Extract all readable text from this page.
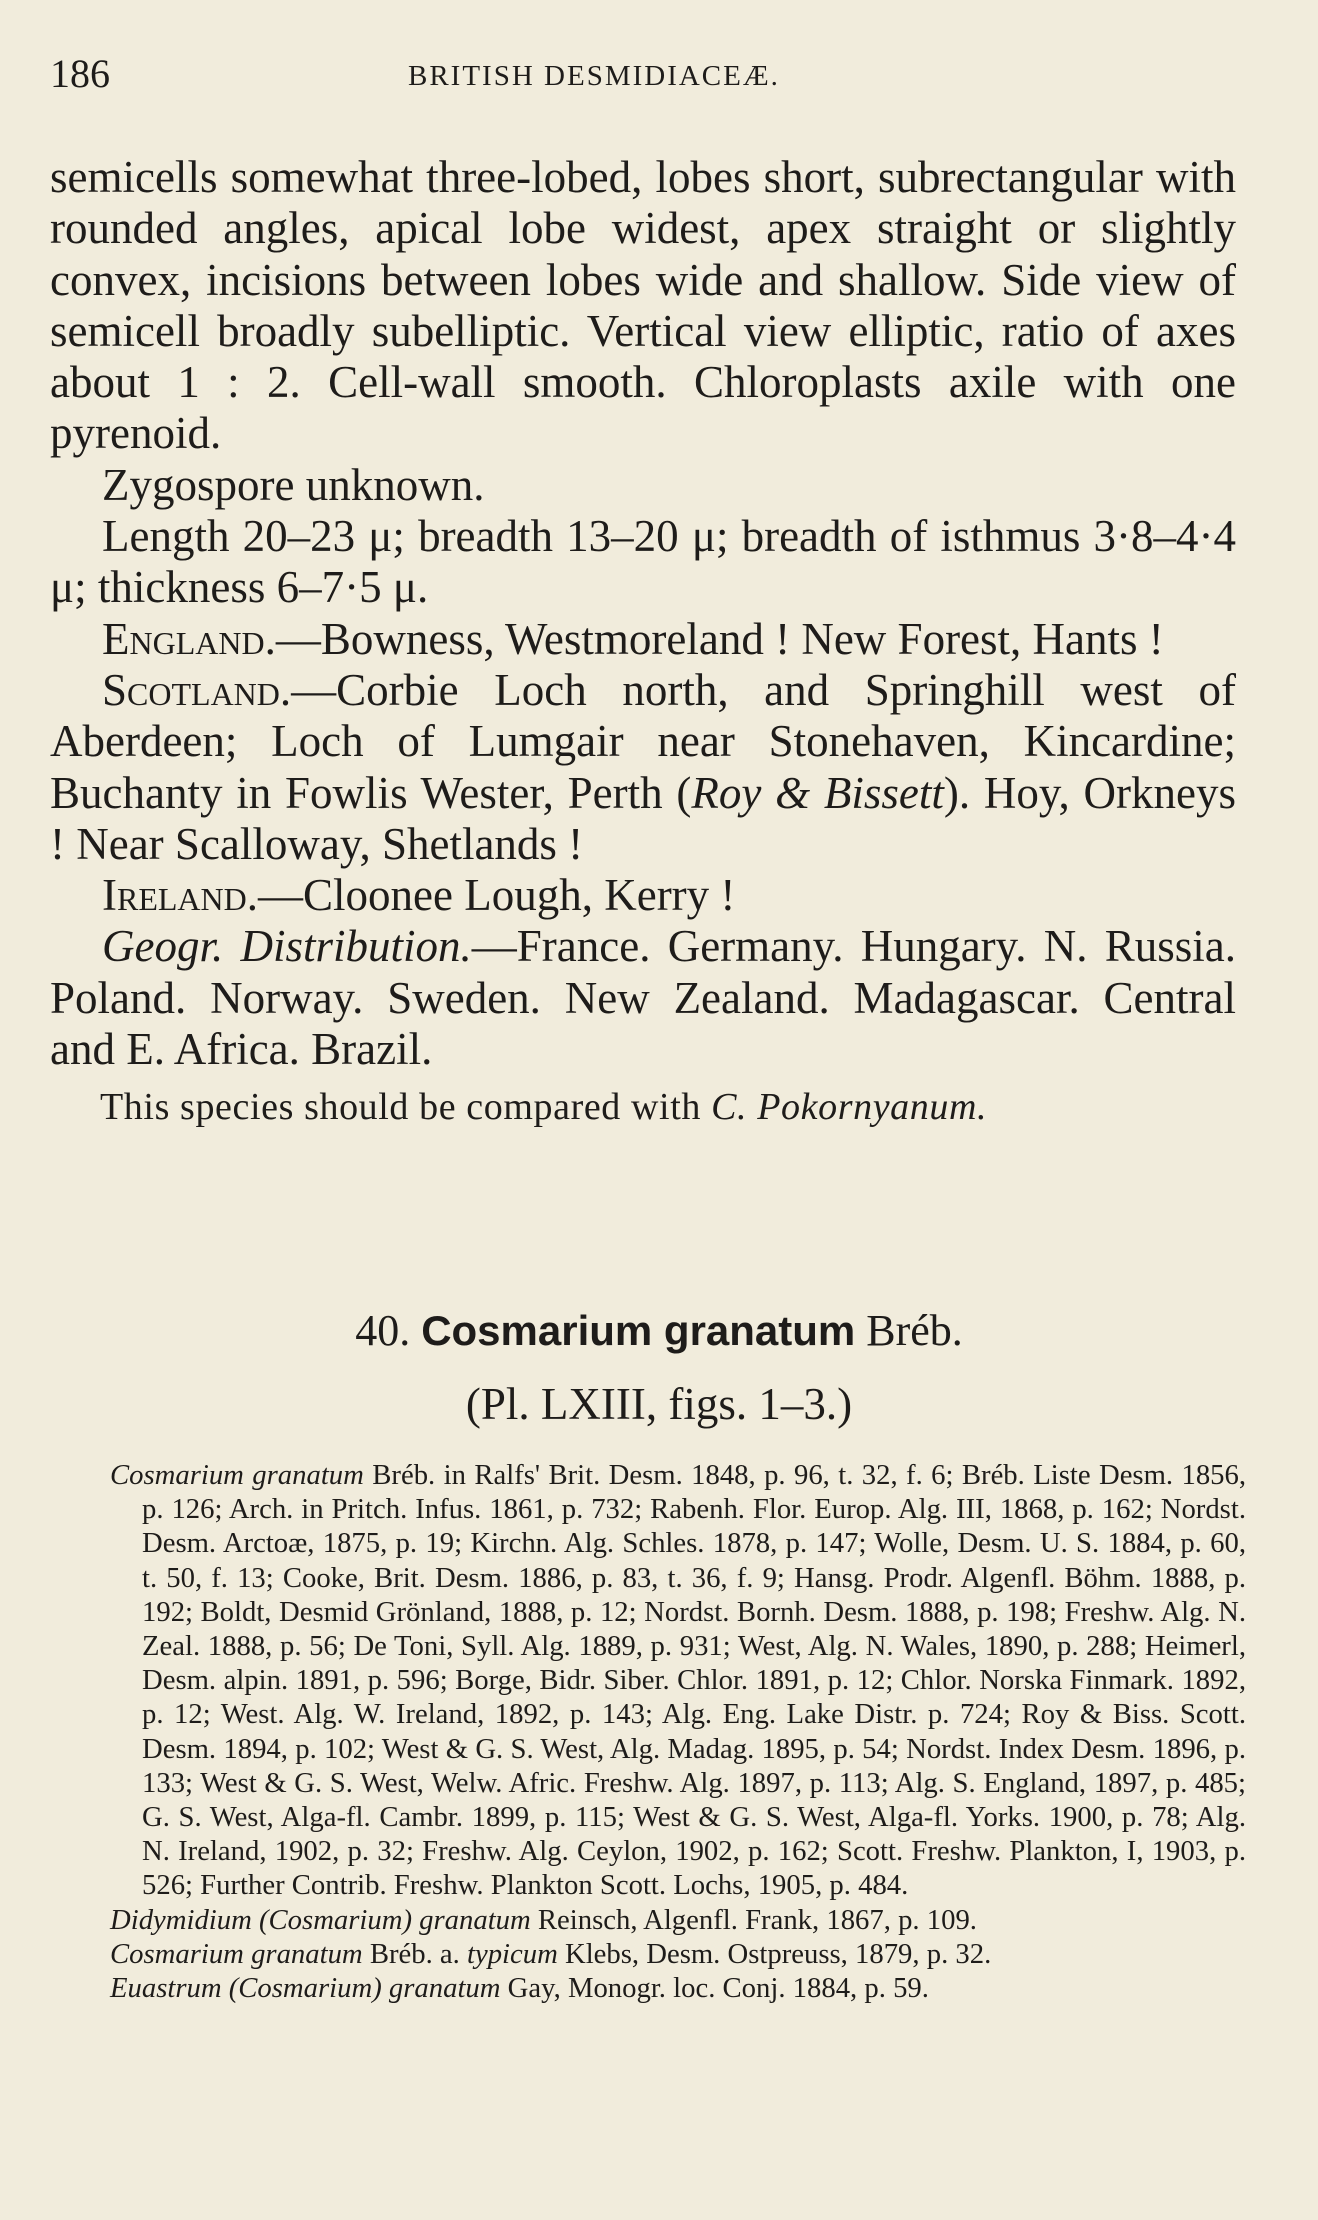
186	BRITISH DESMIDIACEÆ.

semicells somewhat three-lobed, lobes short, subrectangular with rounded angles, apical lobe widest, apex straight or slightly convex, incisions between lobes wide and shallow. Side view of semicell broadly subelliptic. Vertical view elliptic, ratio of axes about 1 : 2. Cell-wall smooth. Chloroplasts axile with one pyrenoid.

Zygospore unknown.

Length 20–23 μ; breadth 13–20 μ; breadth of isthmus 3·8–4·4 μ; thickness 6–7·5 μ.

England.—Bowness, Westmoreland ! New Forest, Hants !

Scotland.—Corbie Loch north, and Springhill west of Aberdeen; Loch of Lumgair near Stonehaven, Kincardine; Buchanty in Fowlis Wester, Perth (Roy & Bissett). Hoy, Orkneys ! Near Scalloway, Shetlands !

Ireland.—Cloonee Lough, Kerry !

Geogr. Distribution.—France. Germany. Hungary. N. Russia. Poland. Norway. Sweden. New Zealand. Madagascar. Central and E. Africa. Brazil.

This species should be compared with C. Pokornyanum.

40. Cosmarium granatum Bréb.
(Pl. LXIII, figs. 1–3.)

Cosmarium granatum Bréb. in Ralfs' Brit. Desm. 1848, p. 96, t. 32, f. 6; Bréb. Liste Desm. 1856, p. 126; Arch. in Pritch. Infus. 1861, p. 732; Rabenh. Flor. Europ. Alg. III, 1868, p. 162; Nordst. Desm. Arctoæ, 1875, p. 19; Kirchn. Alg. Schles. 1878, p. 147; Wolle, Desm. U. S. 1884, p. 60, t. 50, f. 13; Cooke, Brit. Desm. 1886, p. 83, t. 36, f. 9; Hansg. Prodr. Algenfl. Böhm. 1888, p. 192; Boldt, Desmid Grönland, 1888, p. 12; Nordst. Bornh. Desm. 1888, p. 198; Freshw. Alg. N. Zeal. 1888, p. 56; De Toni, Syll. Alg. 1889, p. 931; West, Alg. N. Wales, 1890, p. 288; Heimerl, Desm. alpin. 1891, p. 596; Borge, Bidr. Siber. Chlor. 1891, p. 12; Chlor. Norska Finmark. 1892, p. 12; West. Alg. W. Ireland, 1892, p. 143; Alg. Eng. Lake Distr. p. 724; Roy & Biss. Scott. Desm. 1894, p. 102; West & G. S. West, Alg. Madag. 1895, p. 54; Nordst. Index Desm. 1896, p. 133; West & G. S. West, Welw. Afric. Freshw. Alg. 1897, p. 113; Alg. S. England, 1897, p. 485; G. S. West, Alga-fl. Cambr. 1899, p. 115; West & G. S. West, Alga-fl. Yorks. 1900, p. 78; Alg. N. Ireland, 1902, p. 32; Freshw. Alg. Ceylon, 1902, p. 162; Scott. Freshw. Plankton, I, 1903, p. 526; Further Contrib. Freshw. Plankton Scott. Lochs, 1905, p. 484.

Didymidium (Cosmarium) granatum Reinsch, Algenfl. Frank, 1867, p. 109.

Cosmarium granatum Bréb. a. typicum Klebs, Desm. Ostpreuss, 1879, p. 32.

Euastrum (Cosmarium) granatum Gay, Monogr. loc. Conj. 1884, p. 59.
